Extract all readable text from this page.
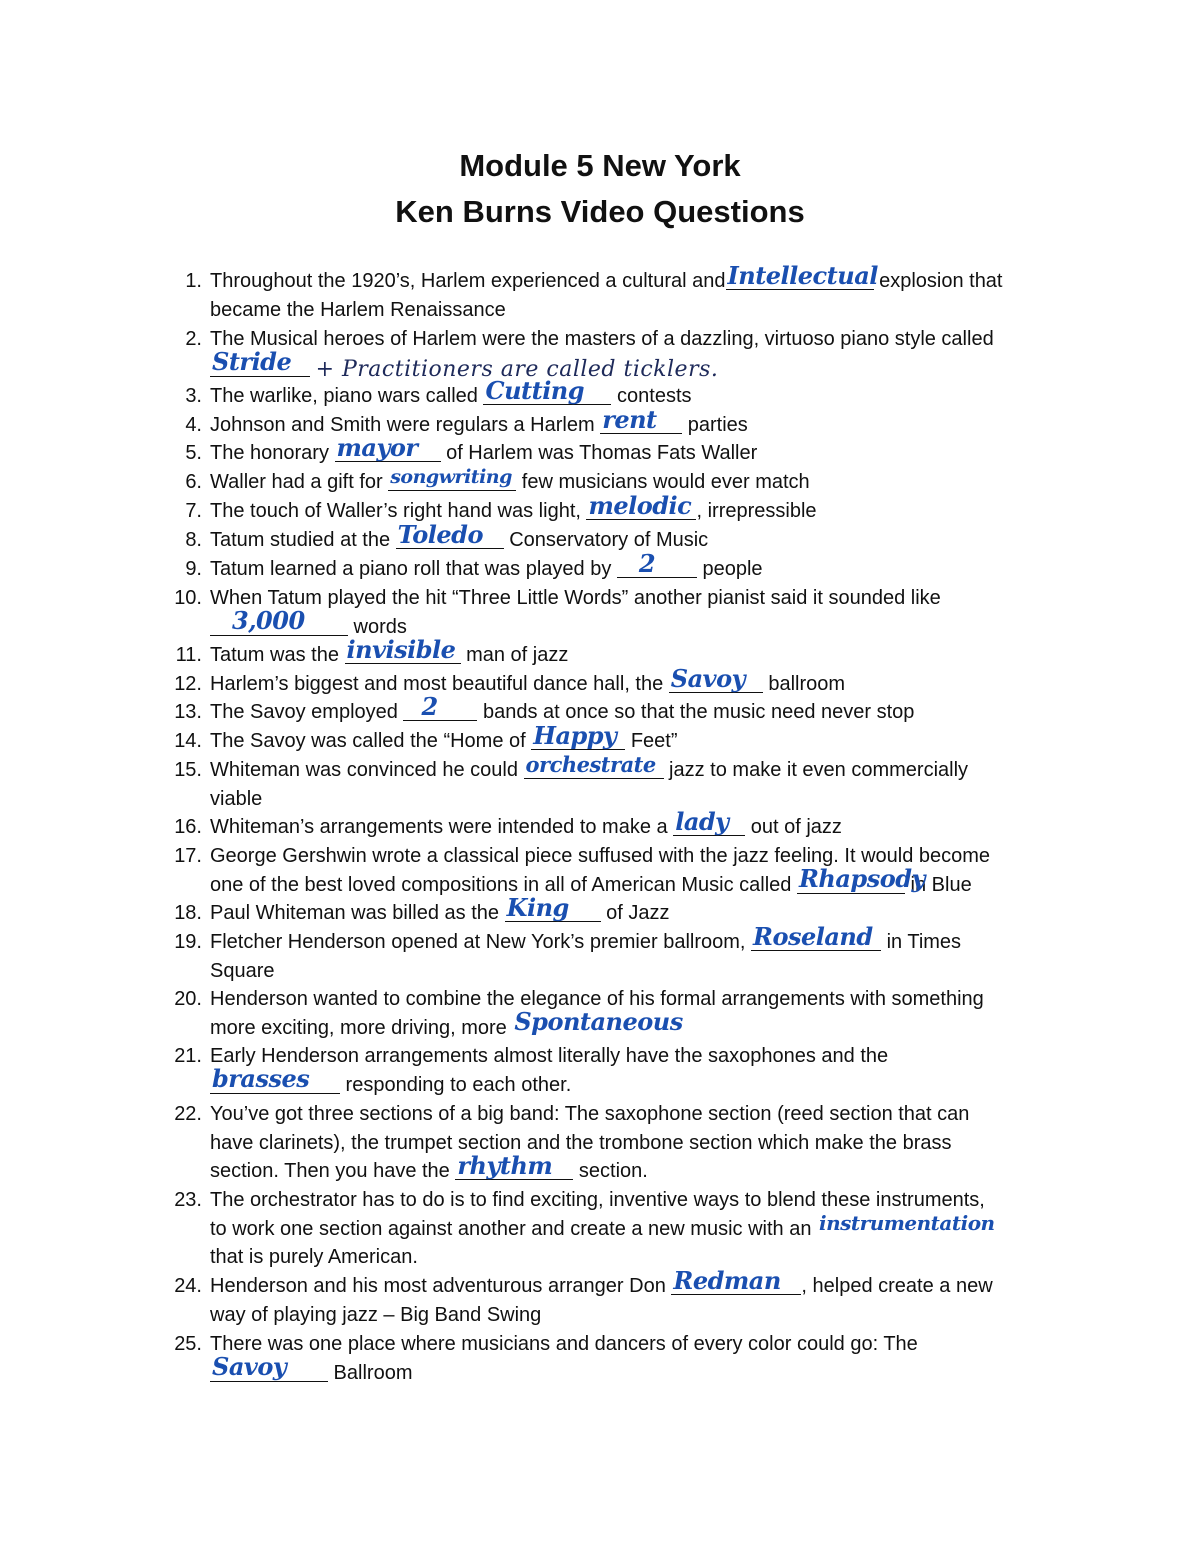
Module 5 New York
Ken Burns Video Questions
1. Throughout the 1920’s, Harlem experienced a cultural and Intellectual
explosion that
became the Harlem Renaissance
2. The Musical heroes of Harlem were the masters of a dazzling, virtuoso piano style called

Stride + Practitioners are called ticklers.
3. The warlike, piano wars called Cutting contests
4. Johnson and Smith were regulars a Harlem rent parties
5. The honorary mayor of Harlem was Thomas Fats Waller
6. Waller had a gift for songwriting few musicians would ever match
7. The touch of Waller’s right hand was light, melodic , irrepressible
8. Tatum studied at the Toledo Conservatory of Music
9. Tatum learned a piano roll that was played by 2 people
10. When Tatum played the hit “Three Little Words” another pianist said it sounded like

3,000 words
11. Tatum was the invisible man of jazz
12. Harlem’s biggest and most beautiful dance hall, the Savoy ballroom
13. The Savoy employed 2 bands at once so that the music need never stop
14. The Savoy was called the “Home of Happy Feet”
15. Whiteman was convinced he could orchestrate jazz to make it even commercially
viable
16. Whiteman’s arrangements were intended to make a lady out of jazz
17. George Gershwin wrote a classical piece suffused with the jazz feeling. It would become
one of the best loved compositions in all of American Music called Rhapsody
in Blue
18. Paul Whiteman was billed as the King of Jazz
19. Fletcher Henderson opened at New York’s premier ballroom, Roseland in Times
Square
20. Henderson wanted to combine the elegance of his formal arrangements with something
more exciting, more driving, more Spontaneous
21. Early Henderson arrangements almost literally have the saxophones and the

brasses responding to each other.
22. You’ve got three sections of a big band: The saxophone section (reed section that can
have clarinets), the trumpet section and the trombone section which make the brass
section. Then you have the rhythm section.
23. The orchestrator has to do is to find exciting, inventive ways to blend these instruments,
to work one section against another and create a new music with an instrumentation

that is purely American.
24. Henderson and his most adventurous arranger Don Redman , helped create a new
way of playing jazz – Big Band Swing
25. There was one place where musicians and dancers of every color could go: The

Savoy Ballroom
